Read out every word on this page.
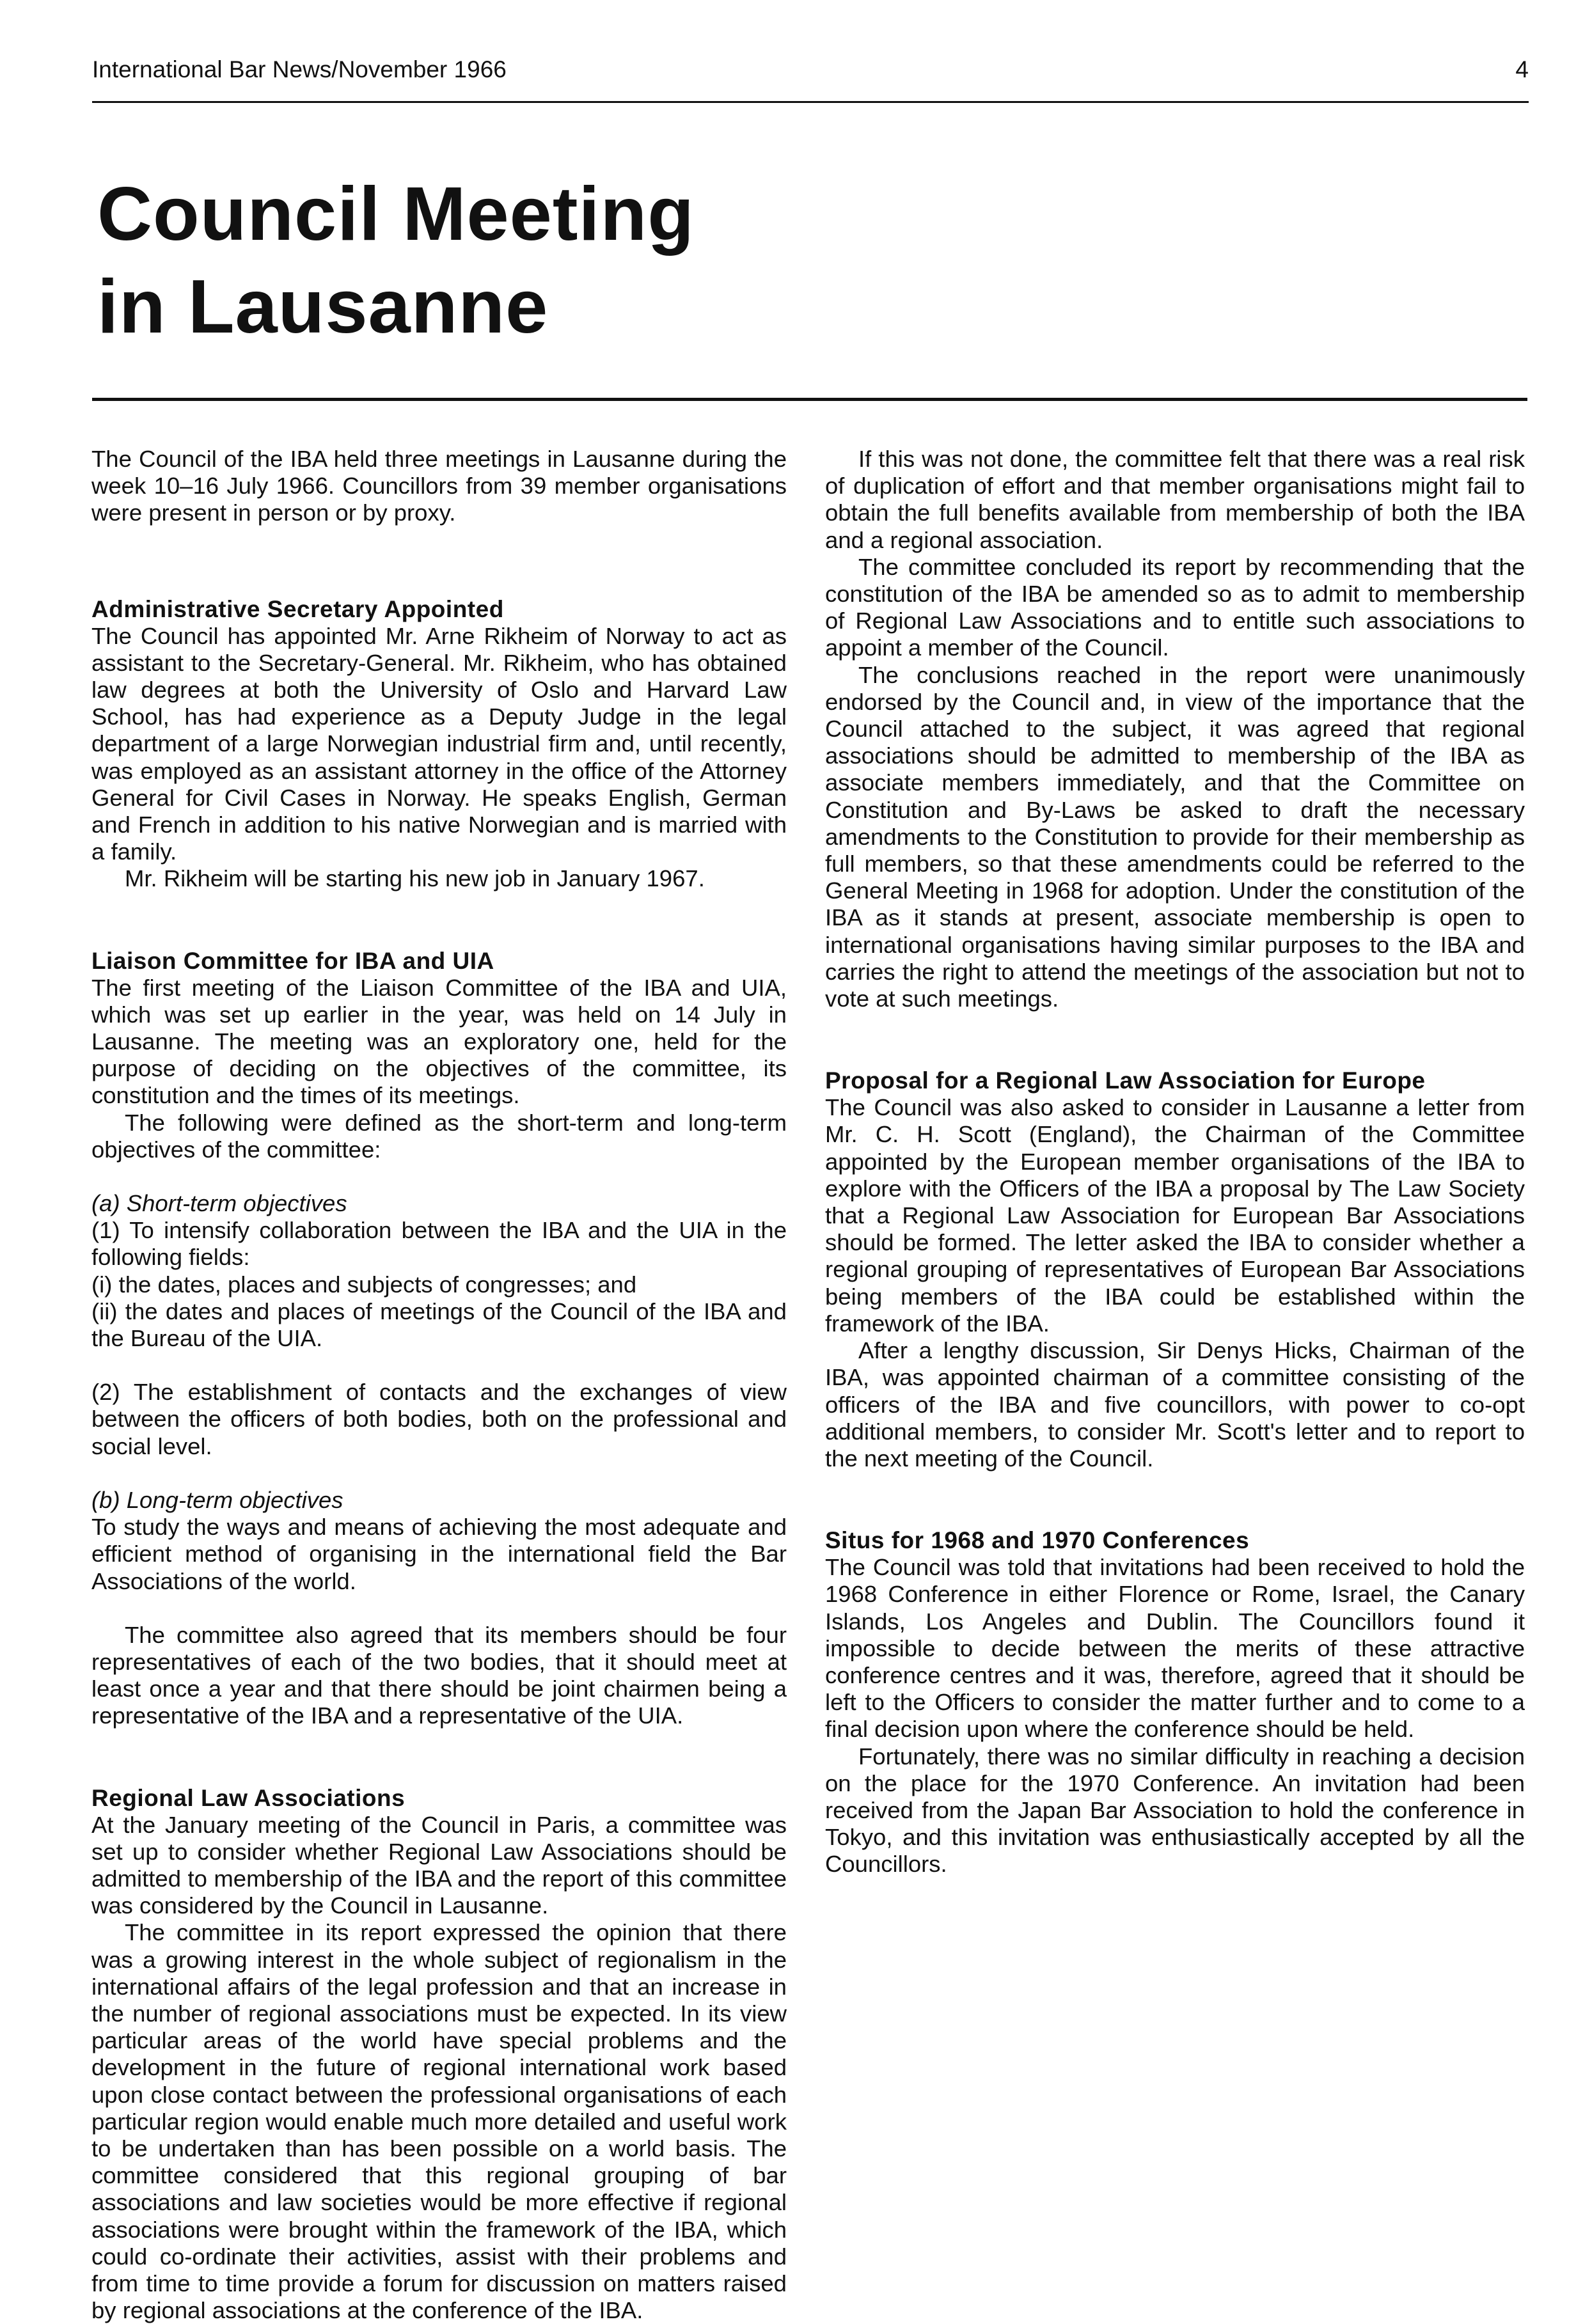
International Bar News/November 1966	4
Council Meeting
in Lausanne

The Council of the IBA held three meetings in Lausanne during the week 10–16 July 1966. Councillors from 39 member organisations were present in person or by proxy.

Administrative Secretary Appointed

The Council has appointed Mr. Arne Rikheim of Norway to act as assistant to the Secretary-General. Mr. Rikheim, who has obtained law degrees at both the University of Oslo and Harvard Law School, has had experience as a Deputy Judge in the legal department of a large Norwegian industrial firm and, until recently, was employed as an assistant attorney in the office of the Attorney General for Civil Cases in Norway. He speaks English, German and French in addition to his native Norwegian and is married with a family.

Mr. Rikheim will be starting his new job in January 1967.

Liaison Committee for IBA and UIA

The first meeting of the Liaison Committee of the IBA and UIA, which was set up earlier in the year, was held on 14 July in Lausanne. The meeting was an exploratory one, held for the purpose of deciding on the objectives of the committee, its constitution and the times of its meetings.

The following were defined as the short-term and long-term objectives of the committee:

(a) Short-term objectives

(1) To intensify collaboration between the IBA and the UIA in the following fields:

(i) the dates, places and subjects of congresses; and

(ii) the dates and places of meetings of the Council of the IBA and the Bureau of the UIA.

(2) The establishment of contacts and the exchanges of view between the officers of both bodies, both on the professional and social level.

(b) Long-term objectives

To study the ways and means of achieving the most adequate and efficient method of organising in the international field the Bar Associations of the world.

The committee also agreed that its members should be four representatives of each of the two bodies, that it should meet at least once a year and that there should be joint chairmen being a representative of the IBA and a representative of the UIA.

Regional Law Associations

At the January meeting of the Council in Paris, a committee was set up to consider whether Regional Law Associations should be admitted to membership of the IBA and the report of this committee was considered by the Council in Lausanne.

The committee in its report expressed the opinion that there was a growing interest in the whole subject of regionalism in the international affairs of the legal profession and that an increase in the number of regional associations must be expected. In its view particular areas of the world have special problems and the development in the future of regional international work based upon close contact between the professional organisations of each particular region would enable much more detailed and useful work to be undertaken than has been possible on a world basis. The committee considered that this regional grouping of bar associations and law societies would be more effective if regional associations were brought within the framework of the IBA, which could co-ordinate their activities, assist with their problems and from time to time provide a forum for discussion on matters raised by regional associations at the conference of the IBA.

If this was not done, the committee felt that there was a real risk of duplication of effort and that member organisations might fail to obtain the full benefits available from membership of both the IBA and a regional association.

The committee concluded its report by recommending that the constitution of the IBA be amended so as to admit to membership of Regional Law Associations and to entitle such associations to appoint a member of the Council.

The conclusions reached in the report were unanimously endorsed by the Council and, in view of the importance that the Council attached to the subject, it was agreed that regional associations should be admitted to membership of the IBA as associate members immediately, and that the Committee on Constitution and By-Laws be asked to draft the necessary amendments to the Constitution to provide for their membership as full members, so that these amendments could be referred to the General Meeting in 1968 for adoption. Under the constitution of the IBA as it stands at present, associate membership is open to international organisations having similar purposes to the IBA and carries the right to attend the meetings of the association but not to vote at such meetings.

Proposal for a Regional Law Association for Europe

The Council was also asked to consider in Lausanne a letter from Mr. C. H. Scott (England), the Chairman of the Committee appointed by the European member organisations of the IBA to explore with the Officers of the IBA a proposal by The Law Society that a Regional Law Association for European Bar Associations should be formed. The letter asked the IBA to consider whether a regional grouping of representatives of European Bar Associations being members of the IBA could be established within the framework of the IBA.

After a lengthy discussion, Sir Denys Hicks, Chairman of the IBA, was appointed chairman of a committee consisting of the officers of the IBA and five councillors, with power to co-opt additional members, to consider Mr. Scott's letter and to report to the next meeting of the Council.

Situs for 1968 and 1970 Conferences

The Council was told that invitations had been received to hold the 1968 Conference in either Florence or Rome, Israel, the Canary Islands, Los Angeles and Dublin. The Councillors found it impossible to decide between the merits of these attractive conference centres and it was, therefore, agreed that it should be left to the Officers to consider the matter further and to come to a final decision upon where the conference should be held.

Fortunately, there was no similar difficulty in reaching a decision on the place for the 1970 Conference. An invitation had been received from the Japan Bar Association to hold the conference in Tokyo, and this invitation was enthusiastically accepted by all the Councillors.
